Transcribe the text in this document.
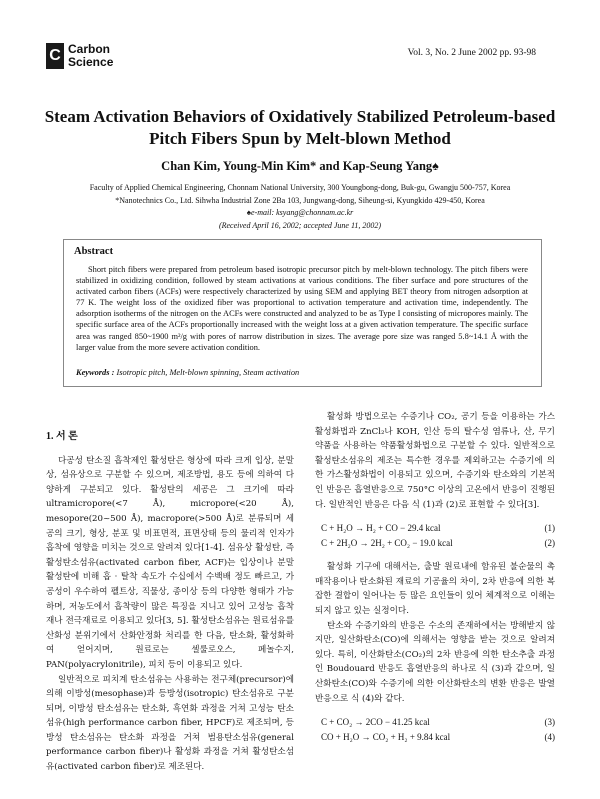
C Carbon
Science
Vol. 3, No. 2 June 2002 pp. 93-98
Steam Activation Behaviors of Oxidatively Stabilized Petroleum-based
Pitch Fibers Spun by Melt-blown Method
Chan Kim, Young-Min Kim* and Kap-Seung Yang♠
Faculty of Applied Chemical Engineering, Chonnam National University, 300 Youngbong-dong, Buk-gu, Gwangju 500-757, Korea
*Nanotechnics Co., Ltd. Sihwha Industrial Zone 2Ba 103, Jungwang-dong, Siheung-si, Kyungkido 429-450, Korea
♠e-mail: ksyang@chonnam.ac.kr
(Received April 16, 2002; accepted June 11, 2002)
Abstract
Short pitch fibers were prepared from petroleum based isotropic precursor pitch by melt-blown technology. The pitch fibers were stabilized in oxidizing condition, followed by steam activations at various conditions. The fiber surface and pore structures of the activated carbon fibers (ACFs) were respectively characterized by using SEM and applying BET theory from nitrogen adsorption at 77 K. The weight loss of the oxidized fiber was proportional to activation temperature and activation time, independently. The adsorption isotherms of the nitrogen on the ACFs were constructed and analyzed to be as Type I consisting of micropores mainly. The specific surface area of the ACFs proportionally increased with the weight loss at a given activation temperature. The specific surface area was ranged 850~1900 m²/g with pores of narrow distribution in sizes. The average pore size was ranged 5.8~14.1 Å with the larger value from the more severe activation condition.
Keywords : Isotropic pitch, Melt-blown spinning, Steam activation
1. 서 론

다공성 탄소질 흡착제인 활성탄은 형상에 따라 크게 입상, 분말상, 섬유상으로 구분할 수 있으며, 제조방법, 용도 등에 의하여 다양하게 구분되고 있다. 활성탄의 세공은 그 크기에 따라 ultramicropore(<7 Å), micropore(<20 Å), mesopore(20~500 Å), macropore(>500 Å)로 분류되며 세공의 크기, 형상, 분포 및 비표면적, 표면상태 등의 물리적 인자가 흡착에 영향을 미치는 것으로 알려져 있다[1-4]. 섬유상 활성탄, 즉 활성탄소섬유(activated carbon fiber, ACF)는 입상이나 분말 활성탄에 비해 흡 · 탈착 속도가 수십에서 수백배 정도 빠르고, 가공성이 우수하여 펠트상, 직물상, 종이상 등의 다양한 형태가 가능하며, 저농도에서 흡착량이 많은 특징을 지니고 있어 고성능 흡착재나 전극재료로 이용되고 있다[3, 5]. 활성탄소섬유는 원료섬유를 산화성 분위기에서 산화안정화 처리를 한 다음, 탄소화, 활성화하여 얻어지며, 원료로는 셀룰로오스, 페놀수지, PAN(polyacrylonitrile), 피치 등이 이용되고 있다.

일반적으로 피치계 탄소섬유는 사용하는 전구체(precursor)에 의해 이방성(mesophase)과 등방성(isotropic) 탄소섬유로 구분되며, 이방성 탄소섬유는 탄소화, 흑연화 과정을 거쳐 고성능 탄소섬유(high performance carbon fiber, HPCF)로 제조되며, 등방성 탄소섬유는 탄소화 과정을 거쳐 범용탄소섬유(general performance carbon fiber)나 활성화 과정을 거쳐 활성탄소섬유(activated carbon fiber)로 제조된다.

활성화 방법으로는 수증기나 CO₂, 공기 등을 이용하는 가스 활성화법과 ZnCl₂나 KOH, 인산 등의 탈수성 염류나, 산, 무기 약품을 사용하는 약품활성화법으로 구분할 수 있다. 일반적으로 활성탄소섬유의 제조는 특수한 경우를 제외하고는 수증기에 의한 가스활성화법이 이용되고 있으며, 수증기와 탄소와의 기본적인 반응은 흡열반응으로 750°C 이상의 고온에서 반응이 진행된다. 일반적인 반응은 다음 식 (1)과 (2)로 표현할 수 있다[3].

C + H₂O → H₂ + CO − 29.4 kcal	(1)
C + 2H₂O → 2H₂ + CO₂ − 19.0 kcal	(2)

활성화 기구에 대해서는, 출발 원료내에 함유된 불순물의 촉매작용이나 탄소화된 재료의 기공율의 차이, 2차 반응에 의한 복잡한 결합이 일어나는 등 많은 요인들이 있어 체계적으로 이해는 되지 않고 있는 실정이다.

탄소와 수증기와의 반응은 수소의 존재하에서는 방해받지 않지만, 일산화탄소(CO)에 의해서는 영향을 받는 것으로 알려져 있다. 특히, 이산화탄소(CO₂)의 2차 반응에 의한 탄소추출 과정인 Boudouard 반응도 흡열반응의 하나로 식 (3)과 같으며, 일산화탄소(CO)와 수증기에 의한 이산화탄소의 변환 반응은 발열반응으로 식 (4)와 같다.

C + CO₂ → 2CO − 41.25 kcal	(3)
CO + H₂O → CO₂ + H₂ + 9.84 kcal	(4)
